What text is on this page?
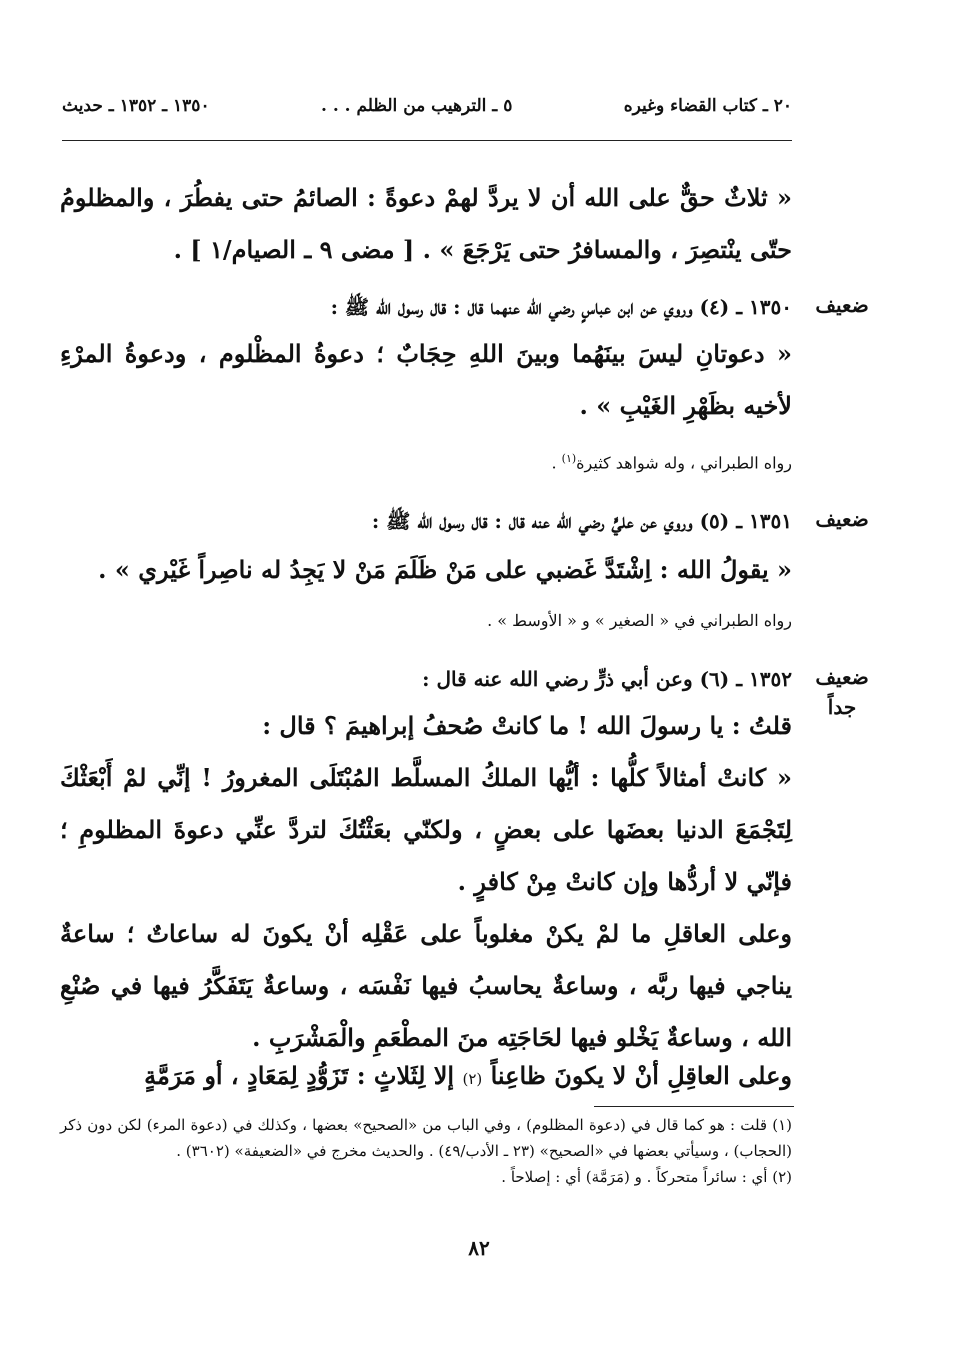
٢٠ ـ كتاب القضاء وغيره
٥ ـ الترهيب من الظلم . . .
١٣٥٠ ـ ١٣٥٢ ـ حديث
« ثلاثٌ حقٌّ على الله أن لا يردَّ لهمْ دعوةً : الصائمُ حتى يفطُرَ ، والمظلومُ حتّى ينْتصِرَ ، والمسافرُ حتى يَرْجَعَ » . [ مضى ٩ ـ الصيام/١ ] .
ضعيف
١٣٥٠ ـ (٤) وروي عن ابن عباسٍ رضي الله عنهما قال : قال رسول الله ﷺ :
« دعوتانِ ليسَ بينَهُما وبينَ اللهِ حِجَابٌ ؛ دعوةُ المظْلوم ، ودعوةُ المرْءِ لأخيه بظَهْرِ الغَيْبِ » .
رواه الطبراني ، وله شواهد كثيرة$^{(١)}$ .
ضعيف
١٣٥١ ـ (٥) وروي عن عليٍّ رضي الله عنه قال : قال رسول الله ﷺ :
« يقولُ الله : اِشْتَدَّ غَضبي على مَنْ ظَلَمَ مَنْ لا يَجِدُ له ناصِراً غَيْري » .
رواه الطبراني في « الصغير » و « الأوسط » .
ضعيف
جداً
١٣٥٢ ـ (٦) وعن أبي ذرٍّ رضي الله عنه قال :
قلتُ : يا رسولَ الله ! ما كانتْ صُحفُ إبراهيمَ ؟ قال :
« كانتْ أمثالاً كلُّها : أيُّها الملكُ المسلَّط المُبْتَلَى المغرورُ ! إنِّي لمْ أَبْعَثْكَ لِتَجْمَعَ الدنيا بعضَها على بعضٍ ، ولكنّي بعَثْتُكَ لتردَّ عنِّي دعوةَ المظلومِ ؛ فإنّي لا أردُّها وإن كانتْ مِنْ كافرٍ .
وعلى العاقلِ ما لمْ يكنْ مغلوباً على عَقْلِه أنْ يكونَ له ساعاتٌ ؛ ساعةٌ يناجي فيها ربَّه ، وساعةٌ يحاسبُ فيها نَفْسَه ، وساعةٌ يَتَفَكَّرُ فيها في صُنْعِ الله ، وساعةٌ يَخْلو فيها لحَاجَتِه منَ المطْعَمِ والْمَشْرَبِ .
وعلى العاقِلِ أنْ لا يكونَ ظاعِناً (٢) إلا لِثَلاثٍ : تَزَوُّدٍ لِمَعَادٍ ، أو مَرَمَّةٍ

(١) قلت : هو كما قال في (دعوة المظلوم) ، وفي الباب من «الصحيح» بعضها ، وكذلك في (دعوة المرء) لكن دون ذكر (الحجاب) ، وسيأتي بعضها في «الصحيح» (٢٣ ـ الأدب/٤٩) . والحديث مخرج في «الضعيفة» (٣٦٠٢) .

(٢) أي : سائراً متحركاً . و (مَرَمَّة) أي : إصلاحاً .

٨٢
